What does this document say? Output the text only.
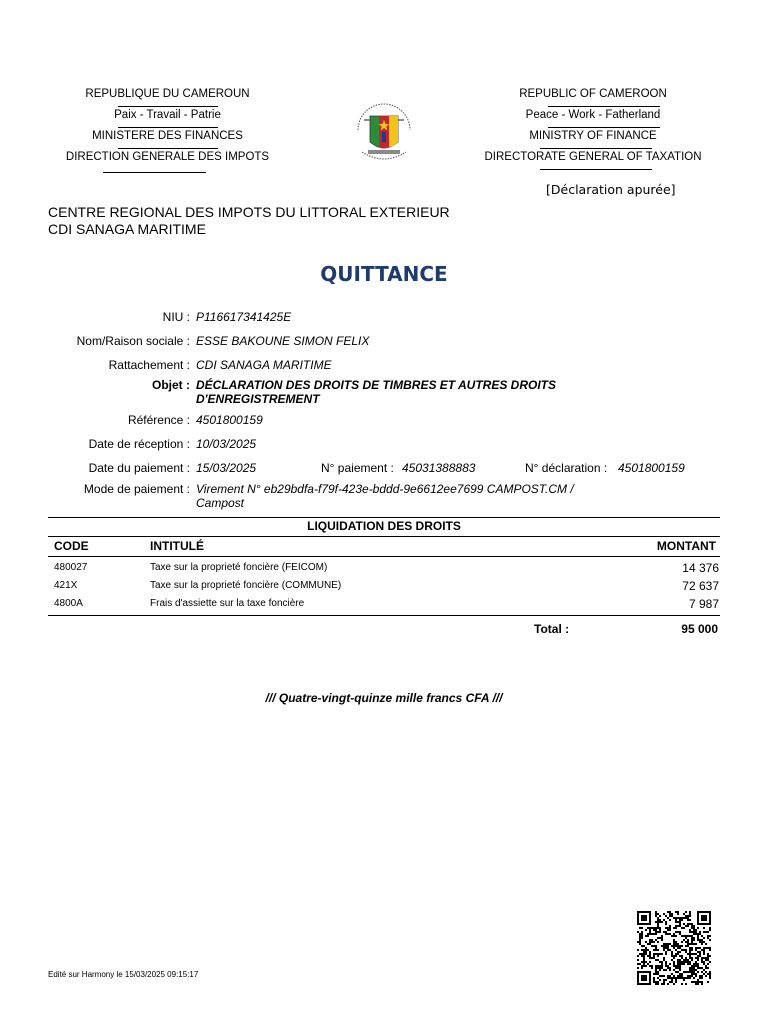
REPUBLIQUE DU CAMEROUN
Paix - Travail - Patrie
MINISTERE DES FINANCES
DIRECTION GENERALE DES IMPOTS
REPUBLIC OF CAMEROON
Peace - Work - Fatherland
MINISTRY OF FINANCE
DIRECTORATE GENERAL OF TAXATION
[Déclaration apurée]
CENTRE REGIONAL DES IMPOTS DU LITTORAL EXTERIEUR
CDI SANAGA MARITIME
QUITTANCE
NIU : P116617341425E
Nom/Raison sociale : ESSE BAKOUNE SIMON FELIX
Rattachement : CDI SANAGA MARITIME
Objet : DÉCLARATION DES DROITS DE TIMBRES ET AUTRES DROITS
D'ENREGISTREMENT
Référence : 4501800159
Date de réception : 10/03/2025
Date du paiement : 15/03/2025	N° paiement : 45031388883	N° déclaration : 4501800159
Mode de paiement : Virement N° eb29bdfa-f79f-423e-bddd-9e6612ee7699 CAMPOST.CM /
Campost
LIQUIDATION DES DROITS
CODE	INTITULÉ	MONTANT
480027	Taxe sur la proprieté foncière (FEICOM)	14 376
421X	Taxe sur la proprieté foncière (COMMUNE)	72 637
4800A	Frais d'assiette sur la taxe foncière	7 987
Total :	95 000
/// Quatre-vingt-quinze mille francs CFA ///
Edité sur Harmony le 15/03/2025 09:15:17
